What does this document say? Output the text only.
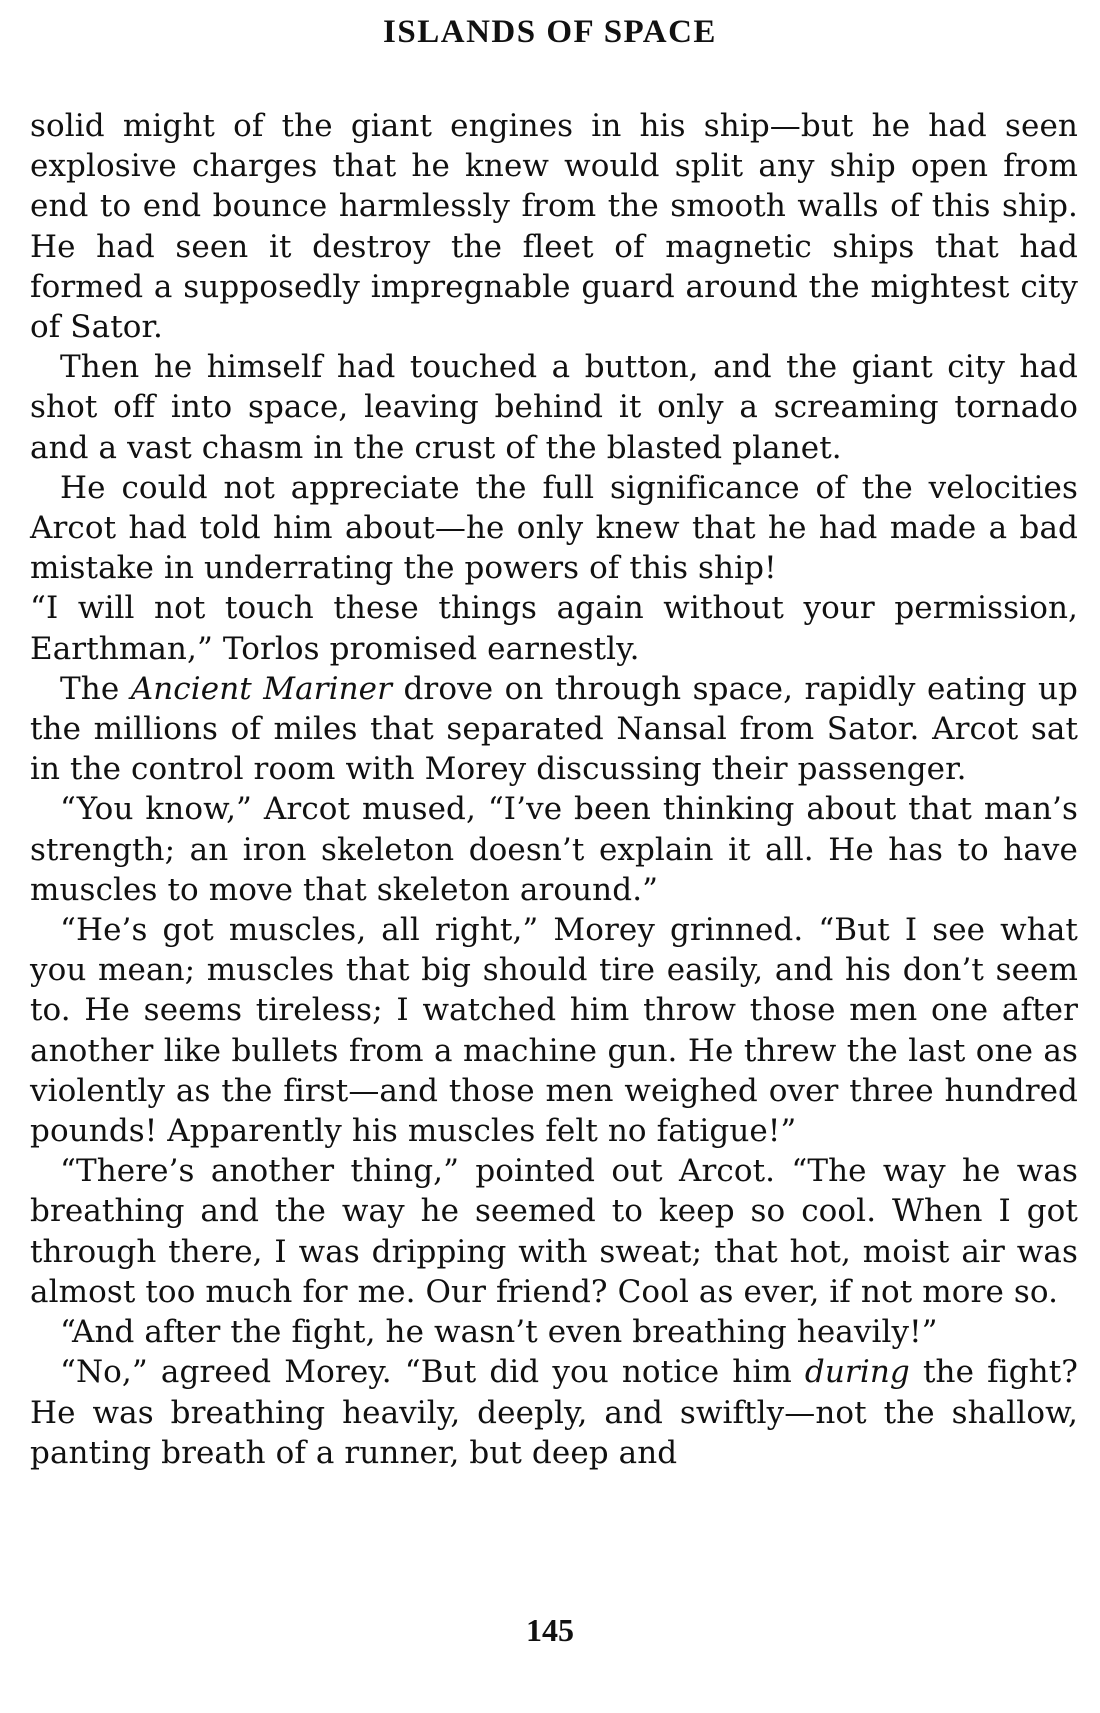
ISLANDS OF SPACE

solid might of the giant engines in his ship—but he had seen explosive charges that he knew would split any ship open from end to end bounce harmlessly from the smooth walls of this ship. He had seen it destroy the fleet of magnetic ships that had formed a supposedly impregnable guard around the mightest city of Sator.

Then he himself had touched a button, and the giant city had shot off into space, leaving behind it only a screaming tornado and a vast chasm in the crust of the blasted planet.

He could not appreciate the full significance of the velocities Arcot had told him about—he only knew that he had made a bad mistake in underrating the powers of this ship!

“I will not touch these things again without your permission, Earthman,” Torlos promised earnestly.

The Ancient Mariner drove on through space, rapidly eating up the millions of miles that separated Nansal from Sator. Arcot sat in the control room with Morey discussing their passenger.

“You know,” Arcot mused, “I’ve been thinking about that man’s strength; an iron skeleton doesn’t explain it all. He has to have muscles to move that skeleton around.”

“He’s got muscles, all right,” Morey grinned. “But I see what you mean; muscles that big should tire easily, and his don’t seem to. He seems tireless; I watched him throw those men one after another like bullets from a machine gun. He threw the last one as violently as the first—and those men weighed over three hundred pounds! Apparently his muscles felt no fatigue!”

“There’s another thing,” pointed out Arcot. “The way he was breathing and the way he seemed to keep so cool. When I got through there, I was dripping with sweat; that hot, moist air was almost too much for me. Our friend? Cool as ever, if not more so.

“And after the fight, he wasn’t even breathing heavily!”

“No,” agreed Morey. “But did you notice him during the fight? He was breathing heavily, deeply, and swiftly—not the shallow, panting breath of a runner, but deep and

145
